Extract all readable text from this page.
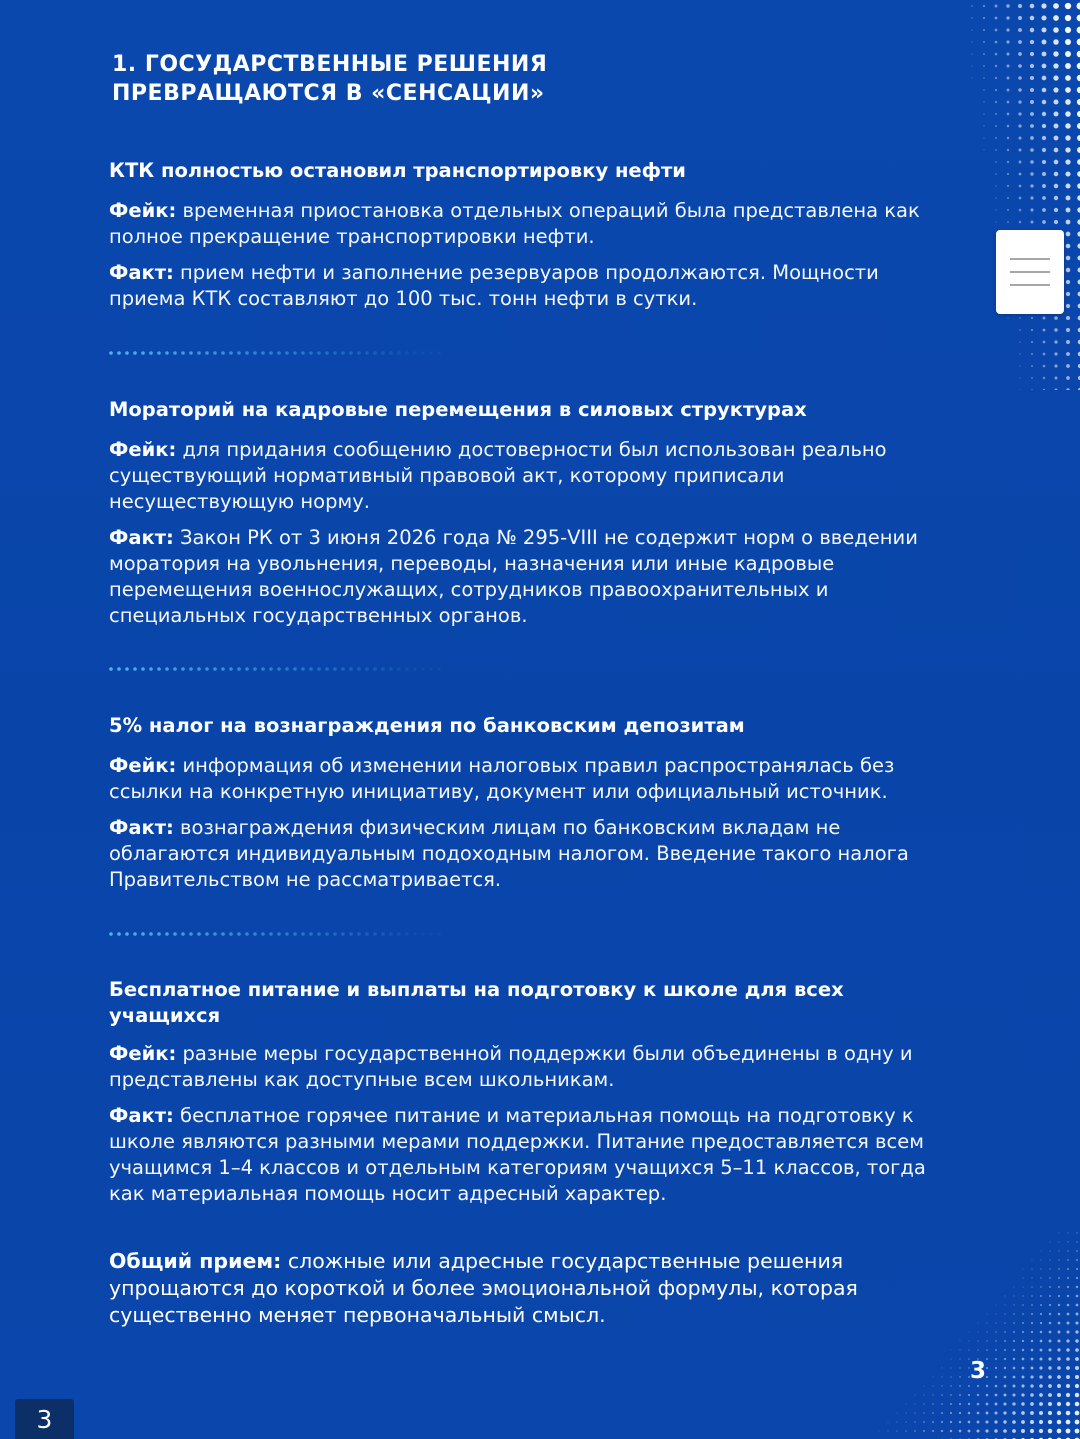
1. ГОСУДАРСТВЕННЫЕ РЕШЕНИЯ
ПРЕВРАЩАЮТСЯ В «СЕНСАЦИИ»
КТК полностью остановил транспортировку нефти

Фейк: временная приостановка отдельных операций была представлена как полное прекращение транспортировки нефти.

Факт: прием нефти и заполнение резервуаров продолжаются. Мощности приема КТК составляют до 100 тыс. тонн нефти в сутки.

Мораторий на кадровые перемещения в силовых структурах

Фейк: для придания сообщению достоверности был использован реально существующий нормативный правовой акт, которому приписали несуществующую норму.

Факт: Закон РК от 3 июня 2026 года № 295-VIII не содержит норм о введении моратория на увольнения, переводы, назначения или иные кадровые перемещения военнослужащих, сотрудников правоохранительных и специальных государственных органов.

5% налог на вознаграждения по банковским депозитам

Фейк: информация об изменении налоговых правил распространялась без ссылки на конкретную инициативу, документ или официальный источник.

Факт: вознаграждения физическим лицам по банковским вкладам не облагаются индивидуальным подоходным налогом. Введение такого налога Правительством не рассматривается.

Бесплатное питание и выплаты на подготовку к школе для всех учащихся

Фейк: разные меры государственной поддержки были объединены в одну и представлены как доступные всем школьникам.

Факт: бесплатное горячее питание и материальная помощь на подготовку к школе являются разными мерами поддержки. Питание предоставляется всем учащимся 1–4 классов и отдельным категориям учащихся 5–11 классов, тогда как материальная помощь носит адресный характер.

Общий прием: сложные или адресные государственные решения упрощаются до короткой и более эмоциональной формулы, которая существенно меняет первоначальный смысл.
3
3
